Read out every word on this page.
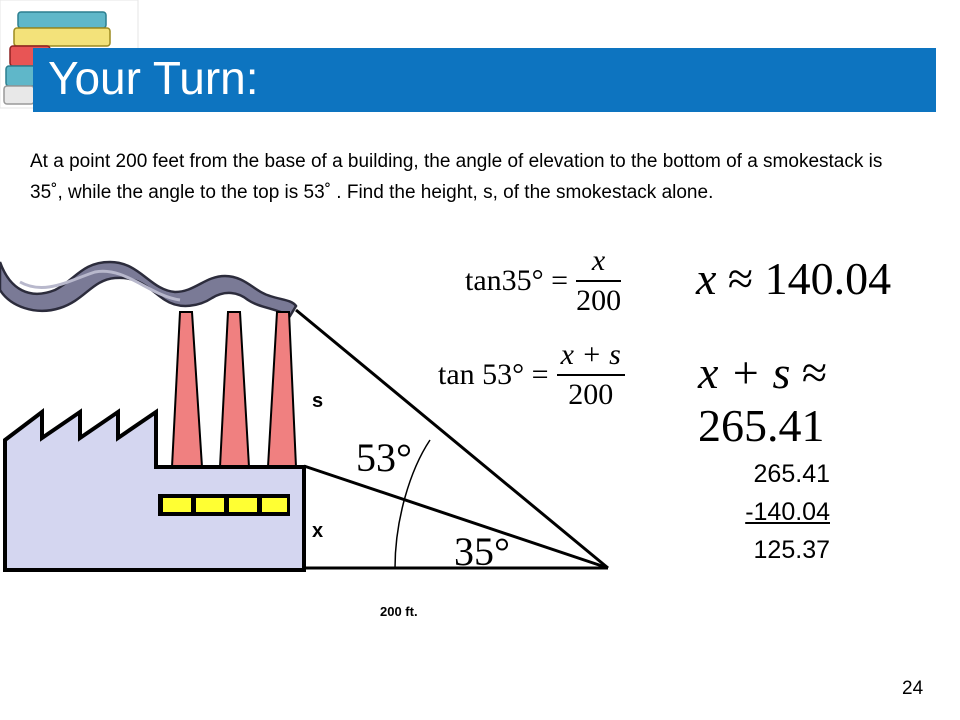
Your Turn:
At a point 200 feet from the base of a building, the angle of elevation to the bottom of a smokestack is 35˚, while the angle to the top is 53˚ . Find the height, s, of the smokestack alone.
s
x
200 ft.
53°
35°
$\tan 35^\circ = \frac{x}{200}$
$\tan 53^\circ = \frac{x + s}{200}$
x ≈ 140.04
x + s ≈ 265.41
265.41
-140.04
125.37
24
